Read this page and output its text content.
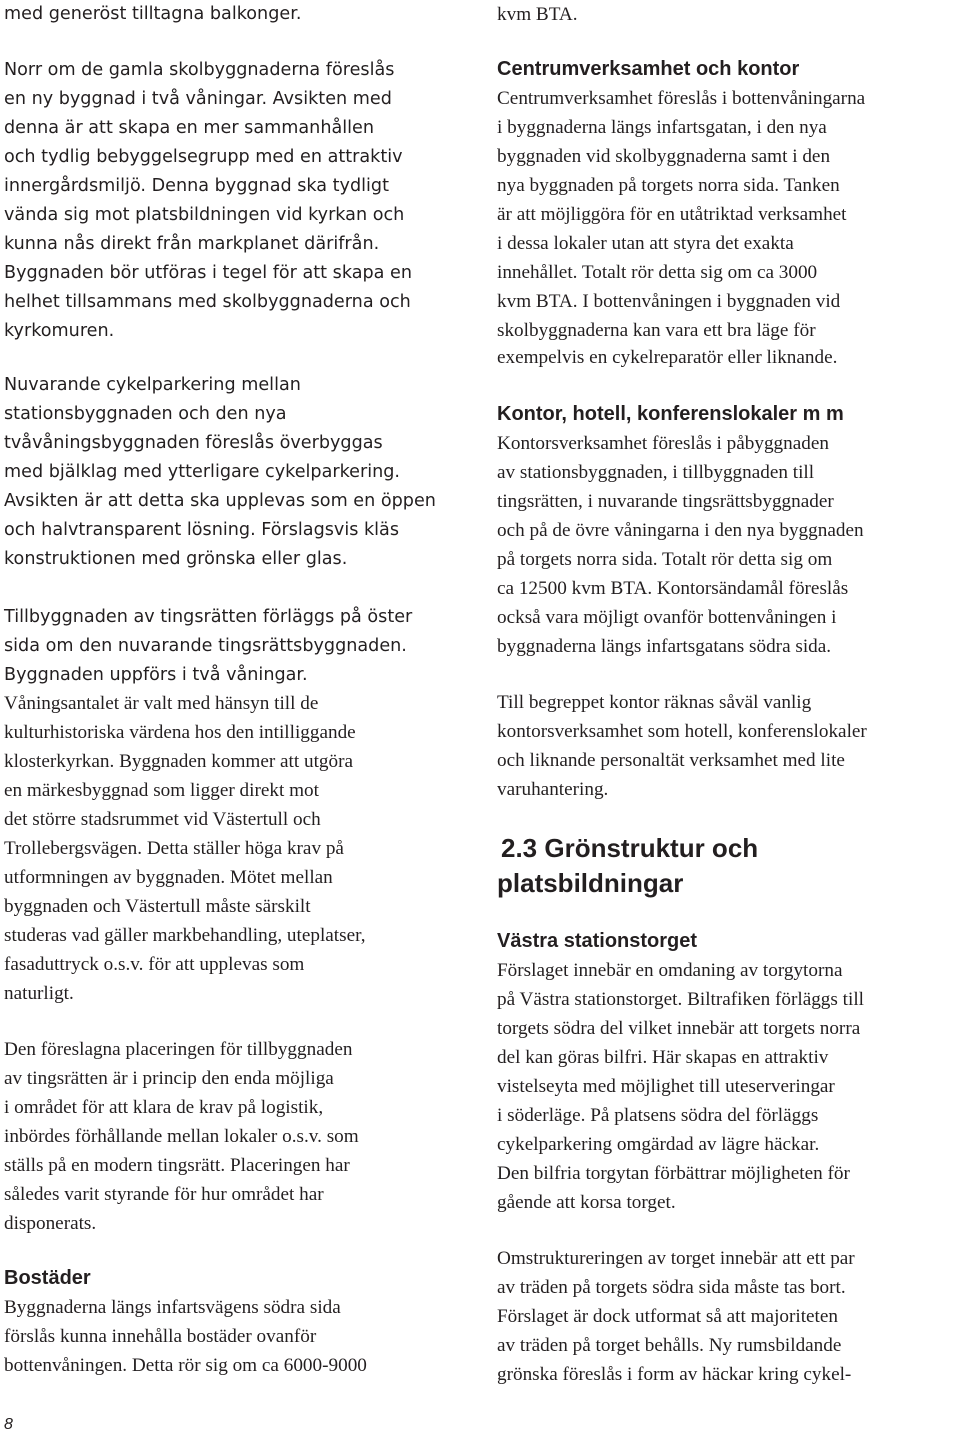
med generöst tilltagna balkonger.
Norr om de gamla skolbyggnaderna föreslås
en ny byggnad i två våningar. Avsikten med
denna är att skapa en mer sammanhållen
och tydlig bebyggelsegrupp med en attraktiv
innergårdsmiljö. Denna byggnad ska tydligt
vända sig mot platsbildningen vid kyrkan och
kunna nås direkt från markplanet därifrån.
Byggnaden bör utföras i tegel för att skapa en
helhet tillsammans med skolbyggnaderna och
kyrkomuren.
Nuvarande cykelparkering mellan
stationsbyggnaden och den nya
tvåvåningsbyggnaden föreslås överbyggas
med bjälklag med ytterligare cykelparkering.
Avsikten är att detta ska upplevas som en öppen
och halvtransparent lösning. Förslagsvis kläs
konstruktionen med grönska eller glas.
Tillbyggnaden av tingsrätten förläggs på öster
sida om den nuvarande tingsrättsbyggnaden.
Byggnaden uppförs i två våningar.
Våningsantalet är valt med hänsyn till de
kulturhistoriska värdena hos den intilliggande
klosterkyrkan. Byggnaden kommer att utgöra
en märkesbyggnad som ligger direkt mot
det större stadsrummet vid Västertull och
Trollebergsvägen. Detta ställer höga krav på
utformningen av byggnaden. Mötet mellan
byggnaden och Västertull måste särskilt
studeras vad gäller markbehandling, uteplatser,
fasaduttryck o.s.v. för att upplevas som
naturligt.
Den föreslagna placeringen för tillbyggnaden
av tingsrätten är i princip den enda möjliga
i området för att klara de krav på logistik,
inbördes förhållande mellan lokaler o.s.v. som
ställs på en modern tingsrätt. Placeringen har
således varit styrande för hur området har
disponerats.
Bostäder
Byggnaderna längs infartsvägens södra sida
förslås kunna innehålla bostäder ovanför
bottenvåningen. Detta rör sig om ca 6000-9000
kvm BTA.
Centrumverksamhet och kontor
Centrumverksamhet föreslås i bottenvåningarna
i byggnaderna längs infartsgatan, i den nya
byggnaden vid skolbyggnaderna samt i den
nya byggnaden på torgets norra sida. Tanken
är att möjliggöra för en utåtriktad verksamhet
i dessa lokaler utan att styra det exakta
innehållet. Totalt rör detta sig om ca 3000
kvm BTA. I bottenvåningen i byggnaden vid
skolbyggnaderna kan vara ett bra läge för
exempelvis en cykelreparatör eller liknande.
Kontor, hotell, konferenslokaler m m
Kontorsverksamhet föreslås i påbyggnaden
av stationsbyggnaden, i tillbyggnaden till
tingsrätten, i nuvarande tingsrättsbyggnader
och på de övre våningarna i den nya byggnaden
på torgets norra sida. Totalt rör detta sig om
ca 12500 kvm BTA. Kontorsändamål föreslås
också vara möjligt ovanför bottenvåningen i
byggnaderna längs infartsgatans södra sida.
Till begreppet kontor räknas såväl vanlig
kontorsverksamhet som hotell, konferenslokaler
och liknande personaltät verksamhet med lite
varuhantering.
2.3 Grönstruktur och
platsbildningar
Västra stationstorget
Förslaget innebär en omdaning av torgytorna
på Västra stationstorget. Biltrafiken förläggs till
torgets södra del vilket innebär att torgets norra
del kan göras bilfri. Här skapas en attraktiv
vistelseyta med möjlighet till uteserveringar
i söderläge. På platsens södra del förläggs
cykelparkering omgärdad av lägre häckar.
Den bilfria torgytan förbättrar möjligheten för
gående att korsa torget.
Omstruktureringen av torget innebär att ett par
av träden på torgets södra sida måste tas bort.
Förslaget är dock utformat så att majoriteten
av träden på torget behålls. Ny rumsbildande
grönska föreslås i form av häckar kring cykel-
8
